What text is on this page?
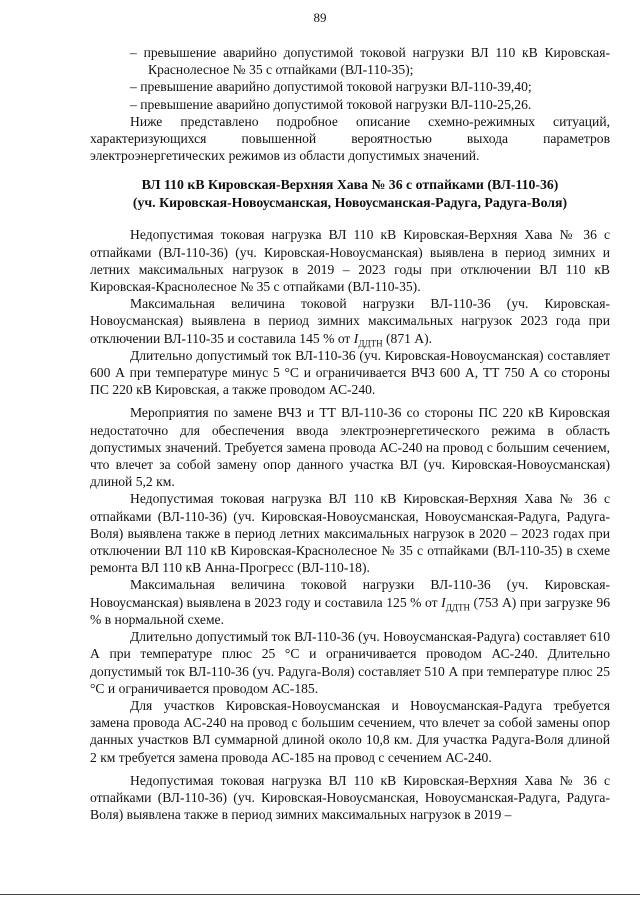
89

– превышение аварийно допустимой токовой нагрузки ВЛ 110 кВ Кировская-Краснолесное № 35 с отпайками (ВЛ-110-35);

– превышение аварийно допустимой токовой нагрузки ВЛ-110-39,40;

– превышение аварийно допустимой токовой нагрузки ВЛ-110-25,26.

Ниже представлено подробное описание схемно-режимных ситуаций, характеризующихся повышенной вероятностью выхода параметров электроэнергетических режимов из области допустимых значений.

ВЛ 110 кВ Кировская-Верхняя Хава № 36 с отпайками (ВЛ-110-36)
(уч. Кировская-Новоусманская, Новоусманская-Радуга, Радуга-Воля)

Недопустимая токовая нагрузка ВЛ 110 кВ Кировская-Верхняя Хава № 36 с отпайками (ВЛ-110-36) (уч. Кировская-Новоусманская) выявлена в период зимних и летних максимальных нагрузок в 2019 – 2023 годы при отключении ВЛ 110 кВ Кировская-Краснолесное № 35 с отпайками (ВЛ-110-35).

Максимальная величина токовой нагрузки ВЛ-110-36 (уч. Кировская-Новоусманская) выявлена в период зимних максимальных нагрузок 2023 года при отключении ВЛ-110-35 и составила 145 % от $I_{ДДТН}$ (871 А).

Длительно допустимый ток ВЛ-110-36 (уч. Кировская-Новоусманская) составляет 600 А при температуре минус 5 °С и ограничивается ВЧЗ 600 А, ТТ 750 А со стороны ПС 220 кВ Кировская, а также проводом АС-240.

Мероприятия по замене ВЧЗ и ТТ ВЛ-110-36 со стороны ПС 220 кВ Кировская недостаточно для обеспечения ввода электроэнергетического режима в область допустимых значений. Требуется замена провода АС-240 на провод с большим сечением, что влечет за собой замену опор данного участка ВЛ (уч. Кировская-Новоусманская) длиной 5,2 км.

Недопустимая токовая нагрузка ВЛ 110 кВ Кировская-Верхняя Хава № 36 с отпайками (ВЛ-110-36) (уч. Кировская-Новоусманская, Новоусманская-Радуга, Радуга-Воля) выявлена также в период летних максимальных нагрузок в 2020 – 2023 годах при отключении ВЛ 110 кВ Кировская-Краснолесное № 35 с отпайками (ВЛ-110-35) в схеме ремонта ВЛ 110 кВ Анна-Прогресс (ВЛ-110-18).

Максимальная величина токовой нагрузки ВЛ-110-36 (уч. Кировская-Новоусманская) выявлена в 2023 году и составила 125 % от $I_{ДДТН}$ (753 А) при загрузке 96 % в нормальной схеме.

Длительно допустимый ток ВЛ-110-36 (уч. Новоусманская-Радуга) составляет 610 А при температуре плюс 25 °С и ограничивается проводом АС-240. Длительно допустимый ток ВЛ-110-36 (уч. Радуга-Воля) составляет 510 А при температуре плюс 25 °С и ограничивается проводом АС-185.

Для участков Кировская-Новоусманская и Новоусманская-Радуга требуется замена провода АС-240 на провод с большим сечением, что влечет за собой замены опор данных участков ВЛ суммарной длиной около 10,8 км. Для участка Радуга-Воля длиной 2 км требуется замена провода АС-185 на провод с сечением АС-240.

Недопустимая токовая нагрузка ВЛ 110 кВ Кировская-Верхняя Хава № 36 с отпайками (ВЛ-110-36) (уч. Кировская-Новоусманская, Новоусманская-Радуга, Радуга-Воля) выявлена также в период зимних максимальных нагрузок в 2019 –
